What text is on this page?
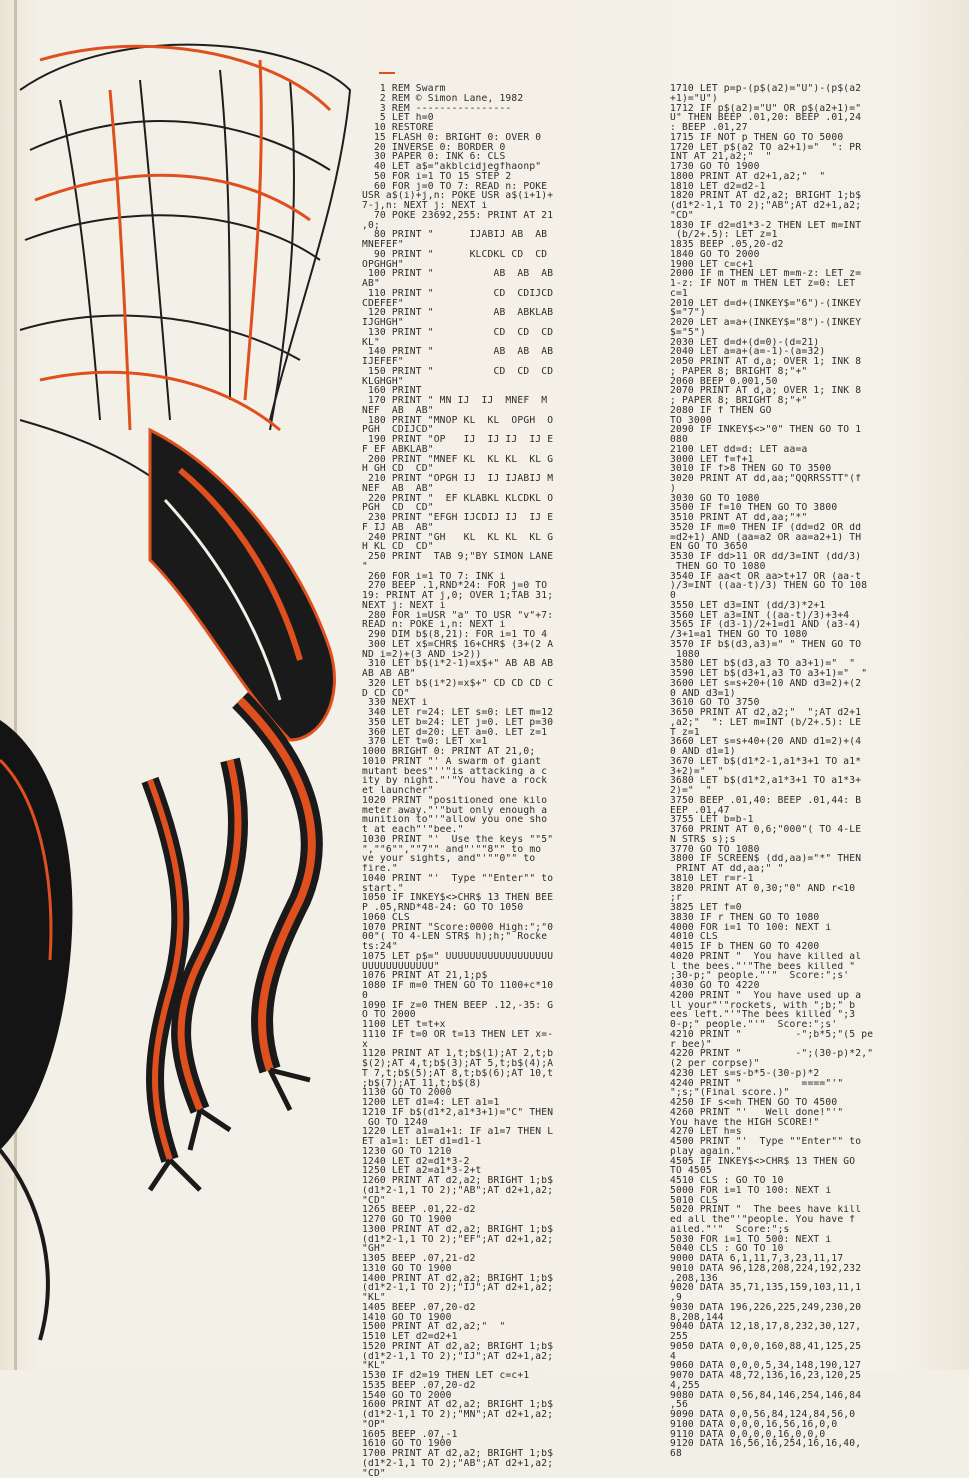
1 REM Swarm
2 REM © Simon Lane, 1982
3 REM ----------------
5 LET h=0
10 RESTORE
15 FLASH 0: BRIGHT 0: OVER 0
20 INVERSE 0: BORDER 0
30 PAPER 0: INK 6: CLS
40 LET a$="akblcidjegfhaonp"
50 FOR i=1 TO 15 STEP 2
60 FOR j=0 TO 7: READ n: POKE
USR a$(i)+j,n: POKE USR a$(i+1)+
7-j,n: NEXT j: NEXT i
70 POKE 23692,255: PRINT AT 21
,0;
80 PRINT "      IJABIJ AB  AB
MNEFEF"
90 PRINT "      KLCDKL CD  CD
OPGHGH"
100 PRINT "          AB  AB  AB
AB"
110 PRINT "          CD  CDIJCD
CDEFEF"
120 PRINT "          AB  ABKLAB
IJGHGH"
130 PRINT "          CD  CD  CD
KL"
140 PRINT "          AB  AB  AB
IJEFEF"
150 PRINT "          CD  CD  CD
KLGHGH"
160 PRINT
170 PRINT " MN IJ  IJ  MNEF  M
NEF  AB  AB"
180 PRINT "MNOP KL  KL  OPGH  O
PGH  CDIJCD"
190 PRINT "OP   IJ  IJ IJ  IJ E
F EF ABKLAB"
200 PRINT "MNEF KL  KL KL  KL G
H GH CD  CD"
210 PRINT "OPGH IJ  IJ IJABIJ M
NEF  AB  AB"
220 PRINT "  EF KLABKL KLCDKL O
PGH  CD  CD"
230 PRINT "EFGH IJCDIJ IJ  IJ E
F IJ AB  AB"
240 PRINT "GH   KL  KL KL  KL G
H KL CD  CD"
250 PRINT  TAB 9;"BY SIMON LANE
"
260 FOR i=1 TO 7: INK i
270 BEEP .1,RND*24: FOR j=0 TO
19: PRINT AT j,0; OVER 1;TAB 31;
NEXT j: NEXT i
280 FOR i=USR "a" TO USR "v"+7:
READ n: POKE i,n: NEXT i
290 DIM b$(8,21): FOR i=1 TO 4
300 LET x$=CHR$ 16+CHR$ (3+(2 A
ND i=2)+(3 AND i>2))
310 LET b$(i*2-1)=x$+" AB AB AB
AB AB AB"
320 LET b$(i*2)=x$+" CD CD CD C
D CD CD"
330 NEXT i
340 LET r=24: LET s=0: LET m=12
350 LET b=24: LET j=0. LET p=30
360 LET d=20: LET a=0. LET z=1
370 LET t=0: LET x=1
1000 BRIGHT 0: PRINT AT 21,0;
1010 PRINT "' A swarm of giant
mutant bees"''"is attacking a c
ity by night."'"You have a rock
et launcher"
1020 PRINT "positioned one kilo
meter away."'"but only enough a
munition to"'"allow you one sho
t at each"'"bee."
1030 PRINT "'  Use the keys ""5"
",""6"",""7"" and"'""8"" to mo
ve your sights, and"'""0"" to
fire."
1040 PRINT "'  Type ""Enter"" to
start."
1050 IF INKEY$<>CHR$ 13 THEN BEE
P .05,RND*48-24: GO TO 1050
1060 CLS
1070 PRINT "Score:0000 High:";"0
00"( TO 4-LEN STR$ h);h;" Rocke
ts:24"
1075 LET p$=" UUUUUUUUUUUUUUUUUU
UUUUUUUUUUUU"
1076 PRINT AT 21,1;p$
1080 IF m=0 THEN GO TO 1100+c*10
0
1090 IF z=0 THEN BEEP .12,-35: G
O TO 2000
1100 LET t=t+x
1110 IF t=0 OR t=13 THEN LET x=-
x
1120 PRINT AT 1,t;b$(1);AT 2,t;b
$(2);AT 4,t;b$(3);AT 5,t;b$(4);A
T 7,t;b$(5);AT 8,t;b$(6);AT 10,t
;b$(7);AT 11,t;b$(8)
1130 GO TO 2000
1200 LET d1=4: LET a1=1
1210 IF b$(d1*2,a1*3+1)="C" THEN
GO TO 1240
1220 LET a1=a1+1: IF a1=7 THEN L
ET a1=1: LET d1=d1-1
1230 GO TO 1210
1240 LET d2=d1*3-2
1250 LET a2=a1*3-2+t
1260 PRINT AT d2,a2; BRIGHT 1;b$
(d1*2-1,1 TO 2);"AB";AT d2+1,a2;
"CD"
1265 BEEP .01,22-d2
1270 GO TO 1900
1300 PRINT AT d2,a2; BRIGHT 1;b$
(d1*2-1,1 TO 2);"EF";AT d2+1,a2;
"GH"
1305 BEEP .07,21-d2
1310 GO TO 1900
1400 PRINT AT d2,a2; BRIGHT 1;b$
(d1*2-1,1 TO 2);"IJ";AT d2+1,a2;
"KL"
1405 BEEP .07,20-d2
1410 GO TO 1900
1500 PRINT AT d2,a2;"  "
1510 LET d2=d2+1
1520 PRINT AT d2,a2; BRIGHT 1;b$
(d1*2-1,1 TO 2);"IJ";AT d2+1,a2;
"KL"
1530 IF d2=19 THEN LET c=c+1
1535 BEEP .07,20-d2
1540 GO TO 2000
1600 PRINT AT d2,a2; BRIGHT 1;b$
(d1*2-1,1 TO 2);"MN";AT d2+1,a2;
"OP"
1605 BEEP .07,-1
1610 GO TO 1900
1700 PRINT AT d2,a2; BRIGHT 1;b$
(d1*2-1,1 TO 2);"AB";AT d2+1,a2;
"CD"
1710 LET p=p-(p$(a2)="U")-(p$(a2
+1)="U")
1712 IF p$(a2)="U" OR p$(a2+1)="
U" THEN BEEP .01,20: BEEP .01,24
: BEEP .01,27
1715 IF NOT p THEN GO TO 5000
1720 LET p$(a2 TO a2+1)="  ": PR
INT AT 21,a2;"  "
1730 GO TO 1900
1800 PRINT AT d2+1,a2;"  "
1810 LET d2=d2-1
1820 PRINT AT d2,a2; BRIGHT 1;b$
(d1*2-1,1 TO 2);"AB";AT d2+1,a2;
"CD"
1830 IF d2=d1*3-2 THEN LET m=INT
(b/2+.5): LET z=1
1835 BEEP .05,20-d2
1840 GO TO 2000
1900 LET c=c+1
2000 IF m THEN LET m=m-z: LET z=
1-z: IF NOT m THEN LET z=0: LET
c=1
2010 LET d=d+(INKEY$="6")-(INKEY
$="7")
2020 LET a=a+(INKEY$="8")-(INKEY
$="5")
2030 LET d=d+(d=0)-(d=21)
2040 LET a=a+(a=-1)-(a=32)
2050 PRINT AT d,a; OVER 1; INK 8
; PAPER 8; BRIGHT 8;"+"
2060 BEEP 0.001,50
2070 PRINT AT d,a; OVER 1; INK 8
; PAPER 8; BRIGHT 8;"+"
2080 IF f THEN GO
TO 3000
2090 IF INKEY$<>"0" THEN GO TO 1
080
2100 LET dd=d: LET aa=a
3000 LET f=f+1
3010 IF f>8 THEN GO TO 3500
3020 PRINT AT dd,aa;"QQRRSSTT"(f
)
3030 GO TO 1080
3500 IF f=10 THEN GO TO 3800
3510 PRINT AT dd,aa;"*"
3520 IF m=0 THEN IF (dd=d2 OR dd
=d2+1) AND (aa=a2 OR aa=a2+1) TH
EN GO TO 3650
3530 IF dd>11 OR dd/3=INT (dd/3)
THEN GO TO 1080
3540 IF aa<t OR aa>t+17 OR (aa-t
)/3=INT ((aa-t)/3) THEN GO TO 108
0
3550 LET d3=INT (dd/3)*2+1
3560 LET a3=INT ((aa-t)/3)+3+4
3565 IF (d3-1)/2+1=d1 AND (a3-4)
/3+1=a1 THEN GO TO 1080
3570 IF b$(d3,a3)=" " THEN GO TO
1080
3580 LET b$(d3,a3 TO a3+1)="  "
3590 LET b$(d3+1,a3 TO a3+1)="  "
3600 LET s=s+20+(10 AND d3=2)+(2
0 AND d3=1)
3610 GO TO 3750
3650 PRINT AT d2,a2;"  ";AT d2+1
,a2;"  ": LET m=INT (b/2+.5): LE
T z=1
3660 LET s=s+40+(20 AND d1=2)+(4
0 AND d1=1)
3670 LET b$(d1*2-1,a1*3+1 TO a1*
3+2)="  "
3680 LET b$(d1*2,a1*3+1 TO a1*3+
2)="  "
3750 BEEP .01,40: BEEP .01,44: B
EEP .01,47
3755 LET b=b-1
3760 PRINT AT 0,6;"000"( TO 4-LE
N STR$ s);s
3770 GO TO 1080
3800 IF SCREEN$ (dd,aa)="*" THEN
PRINT AT dd,aa;" "
3810 LET r=r-1
3820 PRINT AT 0,30;"0" AND r<10
;r
3825 LET f=0
3830 IF r THEN GO TO 1080
4000 FOR i=1 TO 100: NEXT i
4010 CLS
4015 IF b THEN GO TO 4200
4020 PRINT "  You have killed al
l the bees."'"The bees killed "
;30-p;" people."'"  Score:";s'
4030 GO TO 4220
4200 PRINT "  You have used up a
ll your"'"rockets, with ";b;" b
ees left."'"The bees killed ";3
0-p;" people."'"  Score:";s'
4210 PRINT "         -";b*5;"(5 pe
r bee)"
4220 PRINT "         -";(30-p)*2,"
(2 per corpse)"
4230 LET s=s-b*5-(30-p)*2
4240 PRINT "          ===="'"
";s;"(Final score.)"
4250 IF s<=h THEN GO TO 4500
4260 PRINT "'   Well done!"'"
You have the HIGH SCORE!"
4270 LET h=s
4500 PRINT "'  Type ""Enter"" to
play again."
4505 IF INKEY$<>CHR$ 13 THEN GO
TO 4505
4510 CLS : GO TO 10
5000 FOR i=1 TO 100: NEXT i
5010 CLS
5020 PRINT "  The bees have kill
ed all the"'"people. You have f
ailed."'"  Score:";s
5030 FOR i=1 TO 500: NEXT i
5040 CLS : GO TO 10
9000 DATA 6,1,11,7,3,23,11,17
9010 DATA 96,128,208,224,192,232
,208,136
9020 DATA 35,71,135,159,103,11,1
,9
9030 DATA 196,226,225,249,230,20
8,208,144
9040 DATA 12,18,17,8,232,30,127,
255
9050 DATA 0,0,0,160,88,41,125,25
4
9060 DATA 0,0,0,5,34,148,190,127
9070 DATA 48,72,136,16,23,120,25
4,255
9080 DATA 0,56,84,146,254,146,84
,56
9090 DATA 0,0,56,84,124,84,56,0
9100 DATA 0,0,0,16,56,16,0,0
9110 DATA 0,0,0,0,16,0,0,0
9120 DATA 16,56,16,254,16,16,40,
68
